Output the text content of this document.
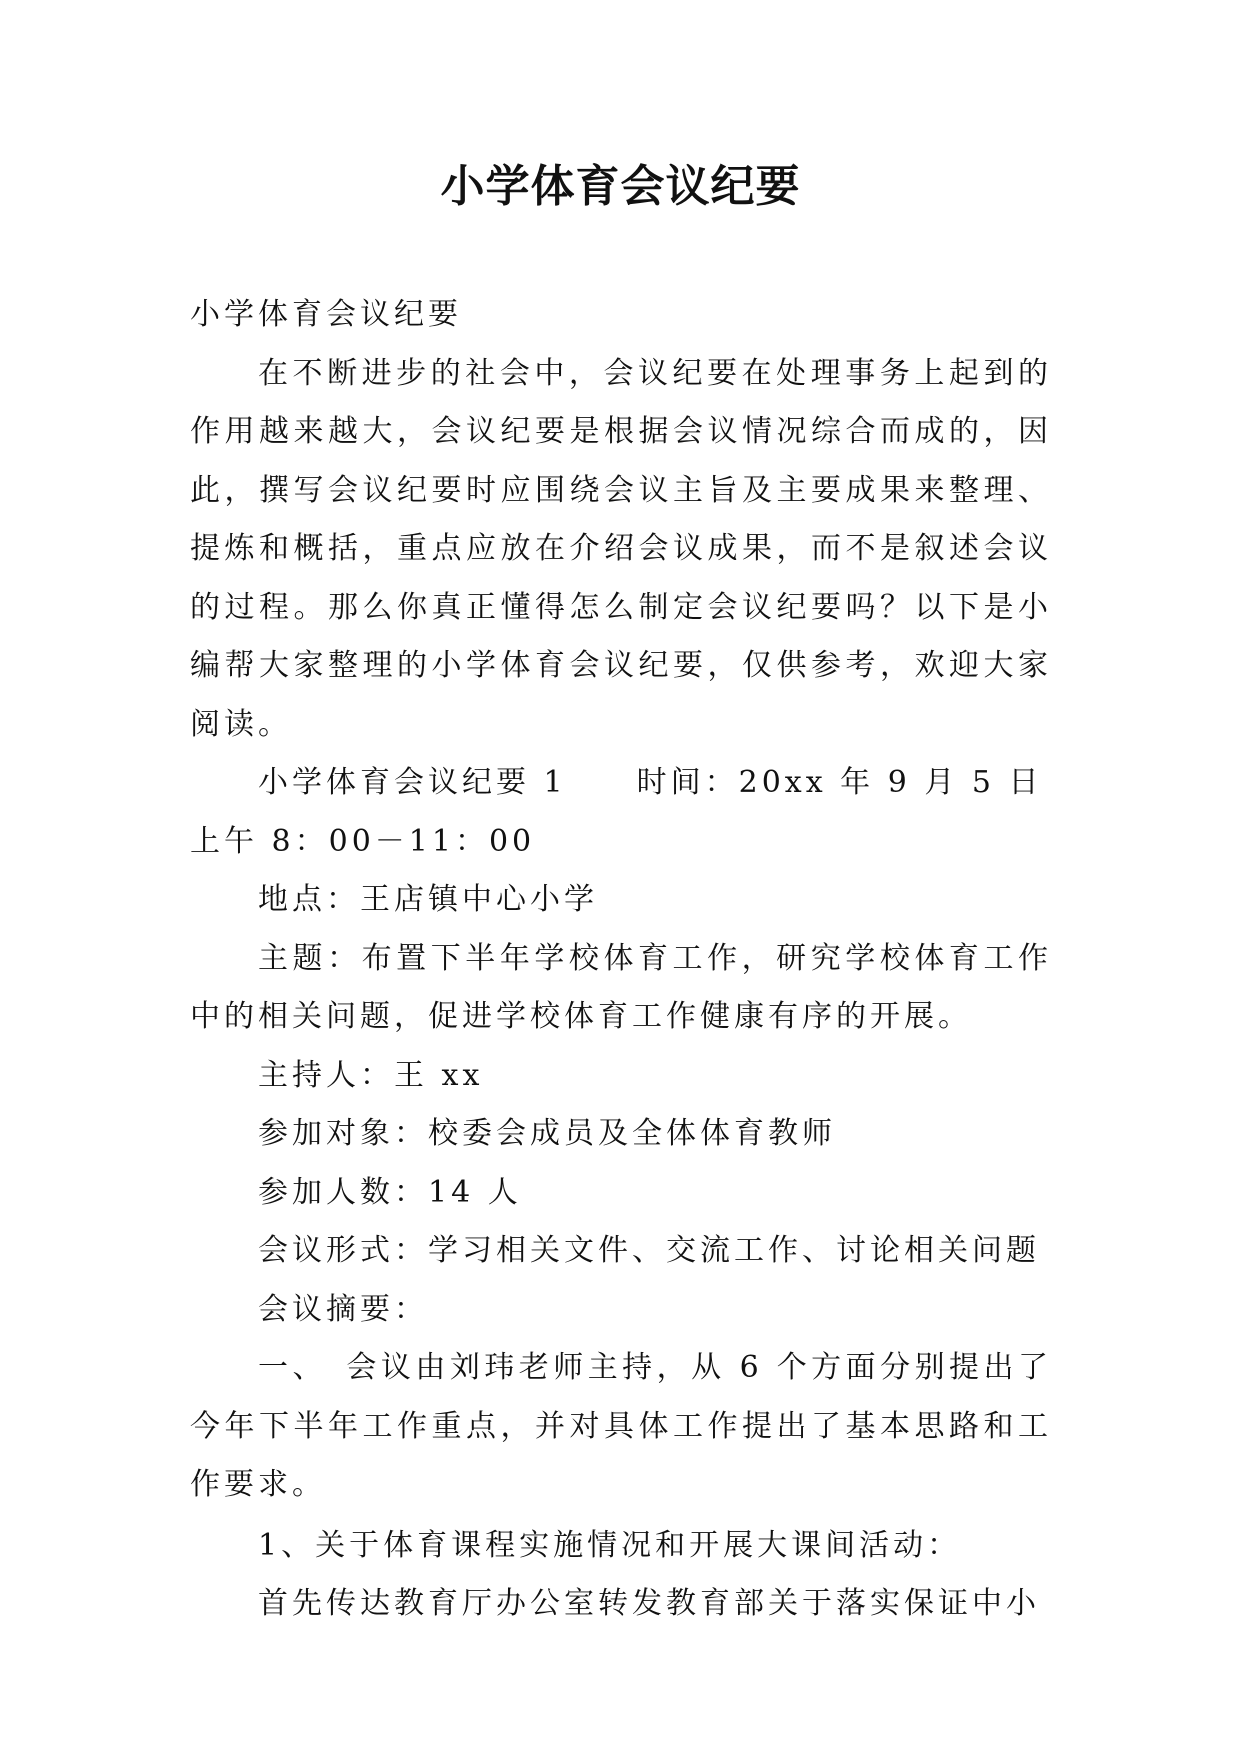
小学体育会议纪要

小学体育会议纪要

在不断进步的社会中，会议纪要在处理事务上起到的作用越来越大，会议纪要是根据会议情况综合而成的，因此，撰写会议纪要时应围绕会议主旨及主要成果来整理、提炼和概括，重点应放在介绍会议成果，而不是叙述会议的过程。那么你真正懂得怎么制定会议纪要吗？以下是小编帮大家整理的小学体育会议纪要，仅供参考，欢迎大家阅读。

小学体育会议纪要 1 时间：20xx 年 9 月 5 日上午 8：00－11：00

地点：王店镇中心小学

主题：布置下半年学校体育工作，研究学校体育工作中的相关问题，促进学校体育工作健康有序的开展。

主持人：王 xx

参加对象：校委会成员及全体体育教师

参加人数：14 人

会议形式：学习相关文件、交流工作、讨论相关问题

会议摘要：

一、　会议由刘玮老师主持，从 6 个方面分别提出了今年下半年工作重点，并对具体工作提出了基本思路和工作要求。

1、关于体育课程实施情况和开展大课间活动：

首先传达教育厅办公室转发教育部关于落实保证中小
